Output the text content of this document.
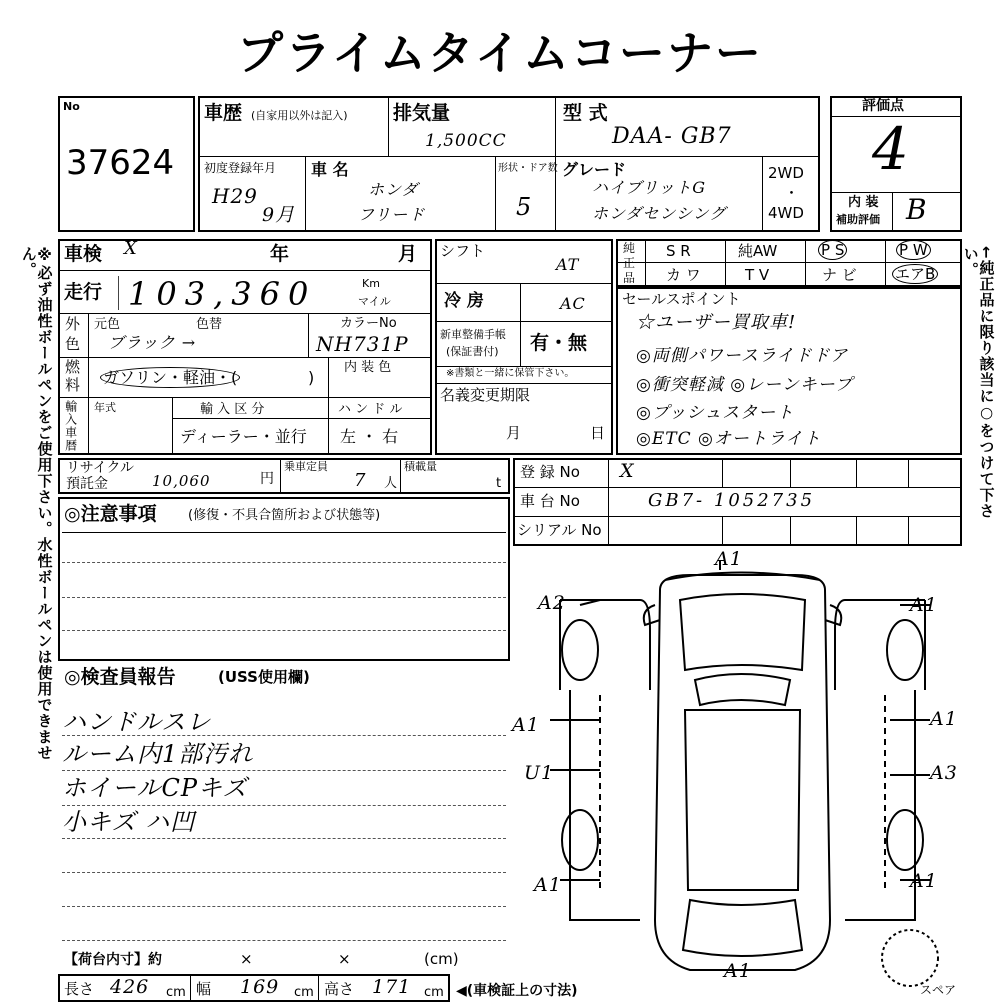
プライムタイムコーナー
※必ず油性ボールペンをご使用下さい。水性ボールペンは使用できません。	←純正品に限り該当に○をつけて下さい。
No
37624
車歴 (自家用以外は記入) 排気量
1,500CC
型 式
DAA- GB7
初度登録年月
H29
9月
車 名
ホンダ
フリード
形状・ドア数
5
グレード
ハイブリットG
ホンダセンシング
2WD
・
4WD
評価点
4
内 装
補助評価 B
車検 X	年	月
走行 103,360	Km
マイル
外
色
元色	色替
ブラック →
カラーNo
NH731P
燃
料 ガソリン・軽油・(	)
内 装 色
輸入車暦 年式	輸 入 区 分
ディーラー・並行
ハ ン ド ル
左 ・ 右
シフト
AT
冷 房	AC
新車整備手帳
(保証書付) 有・無
※書類と一緒に保管下さい。
名義変更期限
月	日
純
正
品
S R	純AW	P S	P W
カ ワ	T V	ナ ビ	エアB
セールスポイント
☆ユーザー買取車!
◎両側パワースライドドア
◎衝突軽減 ◎レーンキープ
◎プッシュスタート
◎ETC ◎オートライト
リサイクル
預託金	10,060	円
乗車定員
7 人
積載量
t
登 録 No X
車 台 No	GB7- 1052735
シリアル No
◎注意事項 (修復・不具合箇所および状態等)
◎検査員報告	(USS使用欄)
ハンドルスレ
ルーム内1部汚れ
ホイールCPキズ
小キズ ハ凹
【荷台内寸】約	×	×	(cm)
長さ 426 cm 幅 169 cm 高さ 171 cm ◀(車検証上の寸法)
A1
A2	A1
A1	A1
U1	A3
A1	A1
A1
スペア
